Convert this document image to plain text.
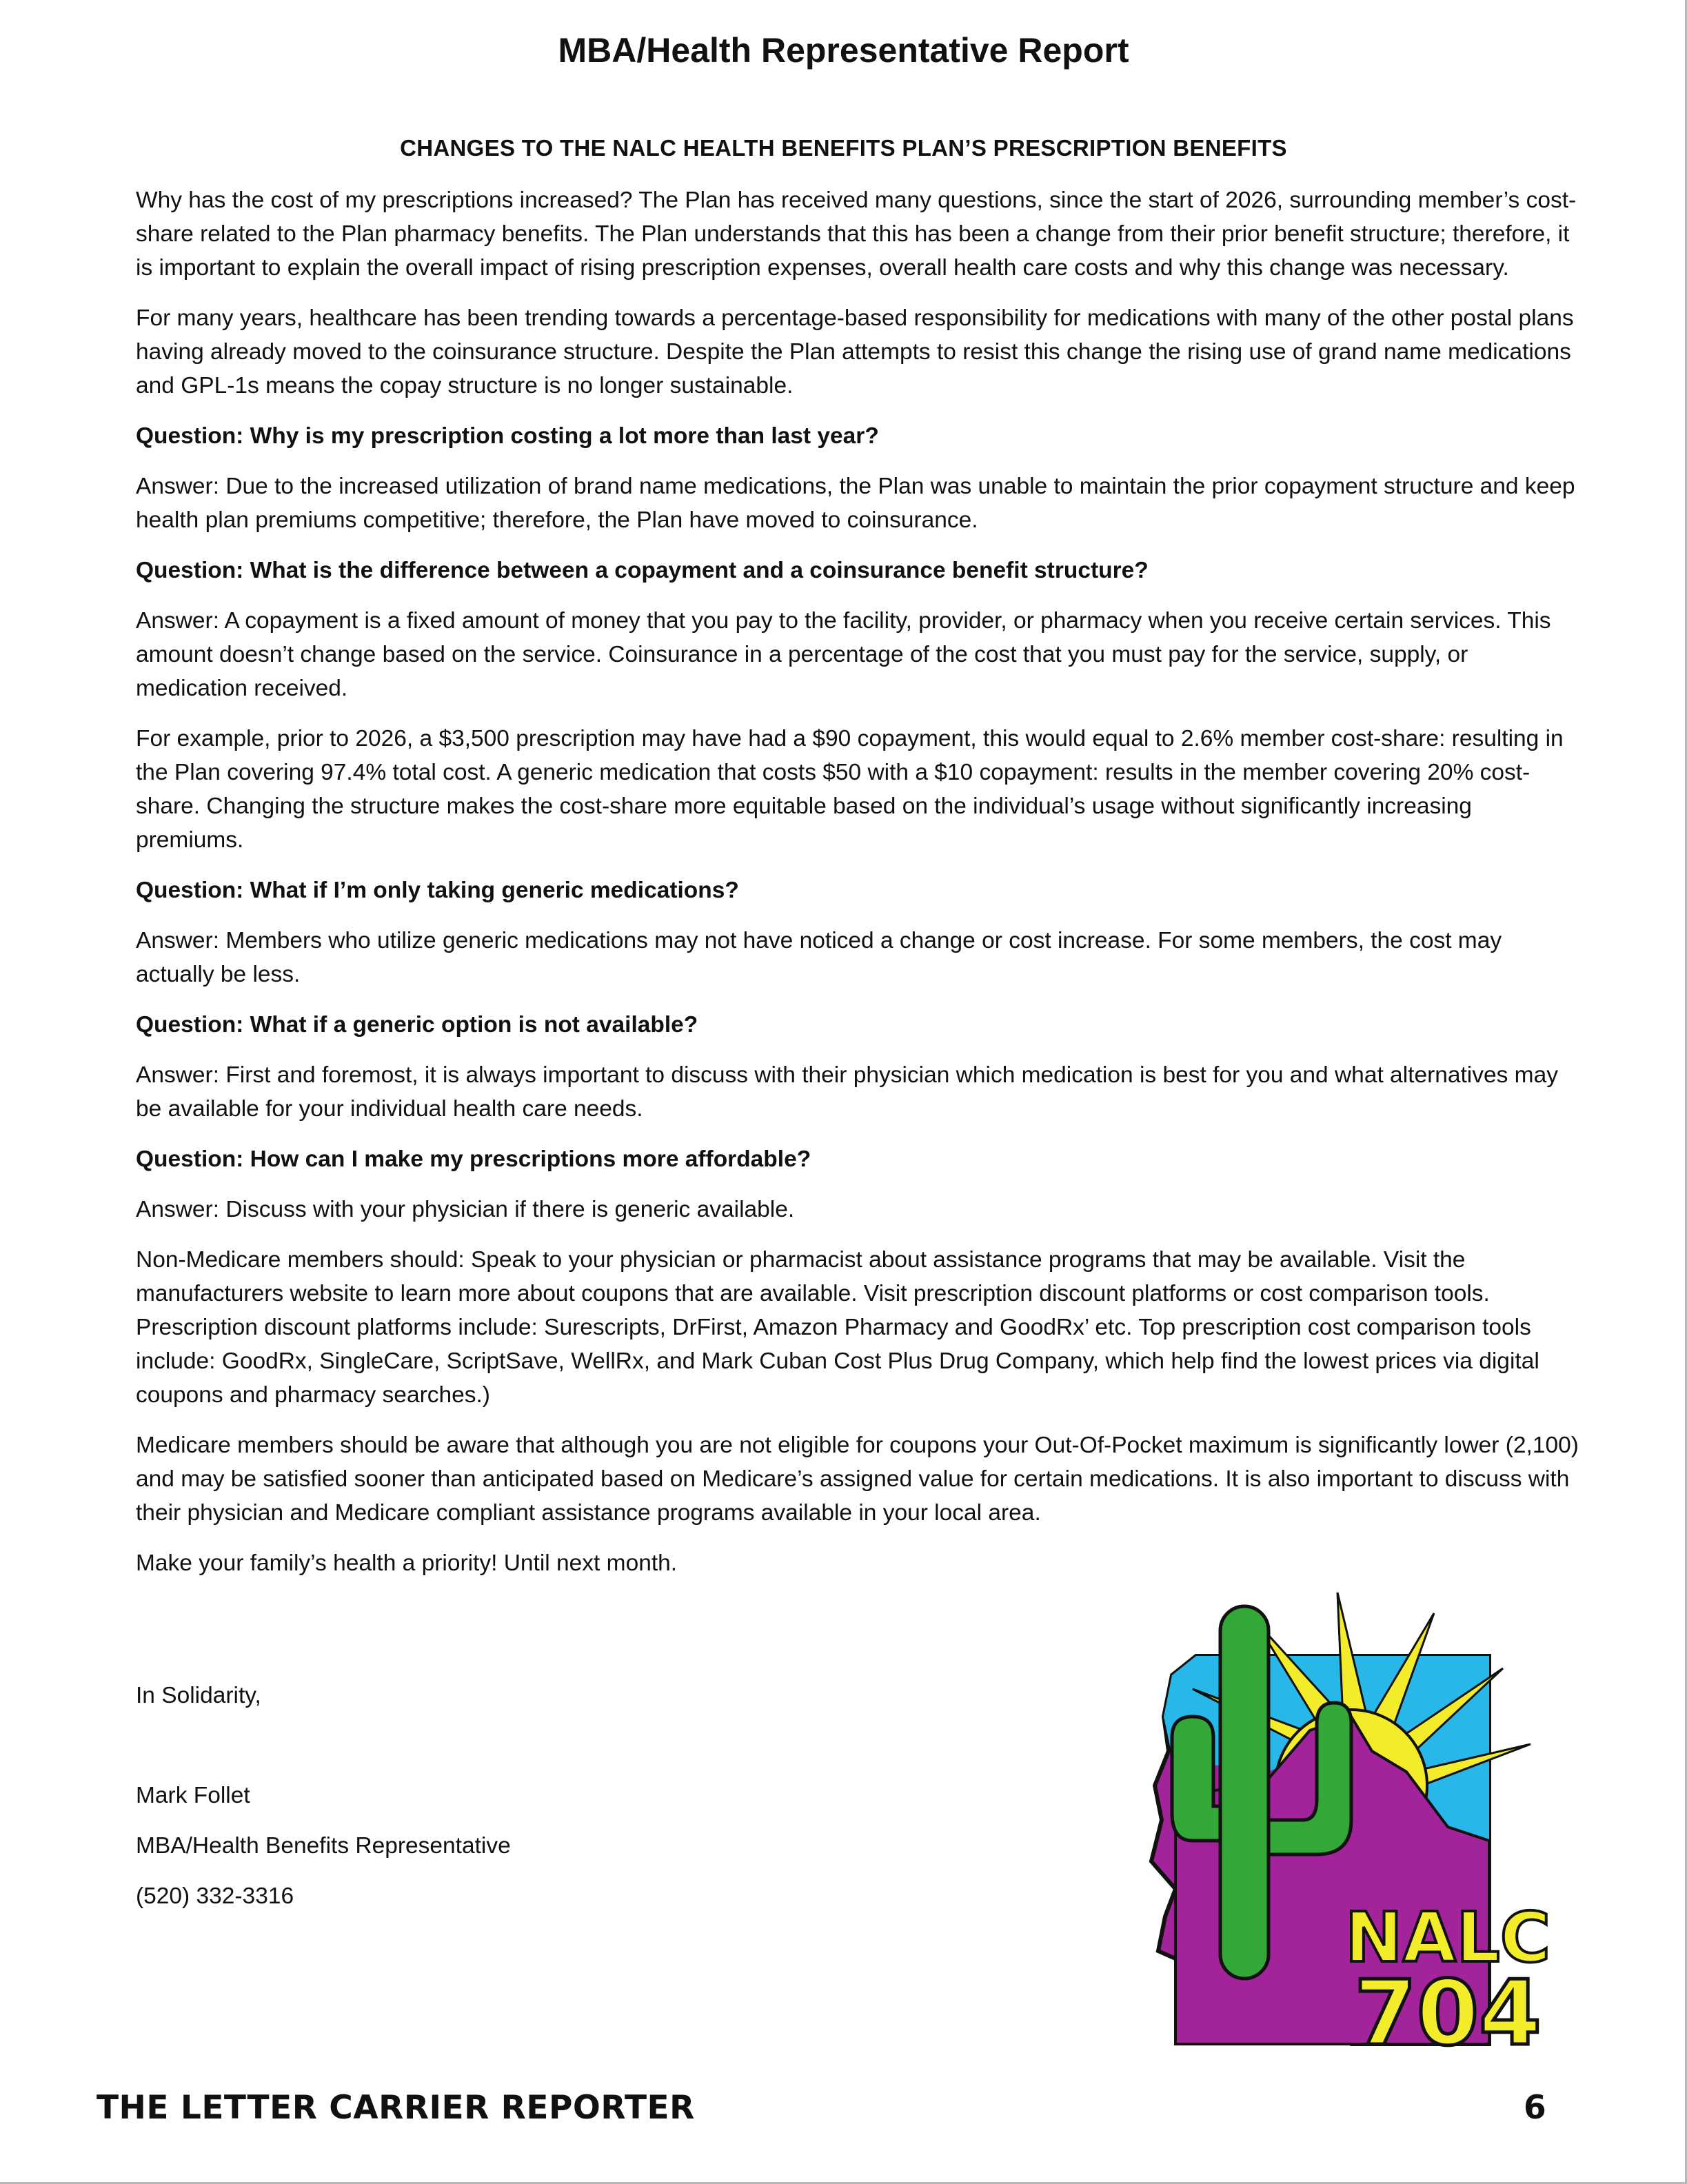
MBA/Health Representative Report
CHANGES TO THE NALC HEALTH BENEFITS PLAN’S PRESCRIPTION BENEFITS

Why has the cost of my prescriptions increased? The Plan has received many questions, since the start of 2026, surrounding member’s cost-share related to the Plan pharmacy benefits. The Plan understands that this has been a change from their prior benefit structure; therefore, it is important to explain the overall impact of rising prescription expenses, overall health care costs and why this change was necessary.

For many years, healthcare has been trending towards a percentage-based responsibility for medications with many of the other postal plans having already moved to the coinsurance structure. Despite the Plan attempts to resist this change the rising use of grand name medications and GPL-1s means the copay structure is no longer sustainable.

Question: Why is my prescription costing a lot more than last year?

Answer: Due to the increased utilization of brand name medications, the Plan was unable to maintain the prior copayment structure and keep health plan premiums competitive; therefore, the Plan have moved to coinsurance.

Question: What is the difference between a copayment and a coinsurance benefit structure?

Answer: A copayment is a fixed amount of money that you pay to the facility, provider, or pharmacy when you receive certain services. This amount doesn’t change based on the service. Coinsurance in a percentage of the cost that you must pay for the service, supply, or medication received.

For example, prior to 2026, a $3,500 prescription may have had a $90 copayment, this would equal to 2.6% member cost-share: resulting in the Plan covering 97.4% total cost. A generic medication that costs $50 with a $10 copayment: results in the member covering 20% cost-share. Changing the structure makes the cost-share more equitable based on the individual’s usage without significantly increasing premiums.

Question: What if I’m only taking generic medications?

Answer: Members who utilize generic medications may not have noticed a change or cost increase. For some members, the cost may actually be less.

Question: What if a generic option is not available?

Answer: First and foremost, it is always important to discuss with their physician which medication is best for you and what alternatives may be available for your individual health care needs.

Question: How can I make my prescriptions more affordable?

Answer: Discuss with your physician if there is generic available.

Non-Medicare members should: Speak to your physician or pharmacist about assistance programs that may be available. Visit the manufacturers website to learn more about coupons that are available. Visit prescription discount platforms or cost comparison tools. Prescription discount platforms include: Surescripts, DrFirst, Amazon Pharmacy and GoodRx’ etc. Top prescription cost comparison tools include: GoodRx, SingleCare, ScriptSave, WellRx, and Mark Cuban Cost Plus Drug Company, which help find the lowest prices via digital coupons and pharmacy searches.)

Medicare members should be aware that although you are not eligible for coupons your Out-Of-Pocket maximum is significantly lower (2,100) and may be satisfied sooner than anticipated based on Medicare’s assigned value for certain medications. It is also important to discuss with their physician and Medicare compliant assistance programs available in your local area.

Make your family’s health a priority! Until next month.

In Solidarity,

Mark Follet

MBA/Health Benefits Representative

(520) 332-3316

NALC
704

THE LETTER CARRIER REPORTER	6
